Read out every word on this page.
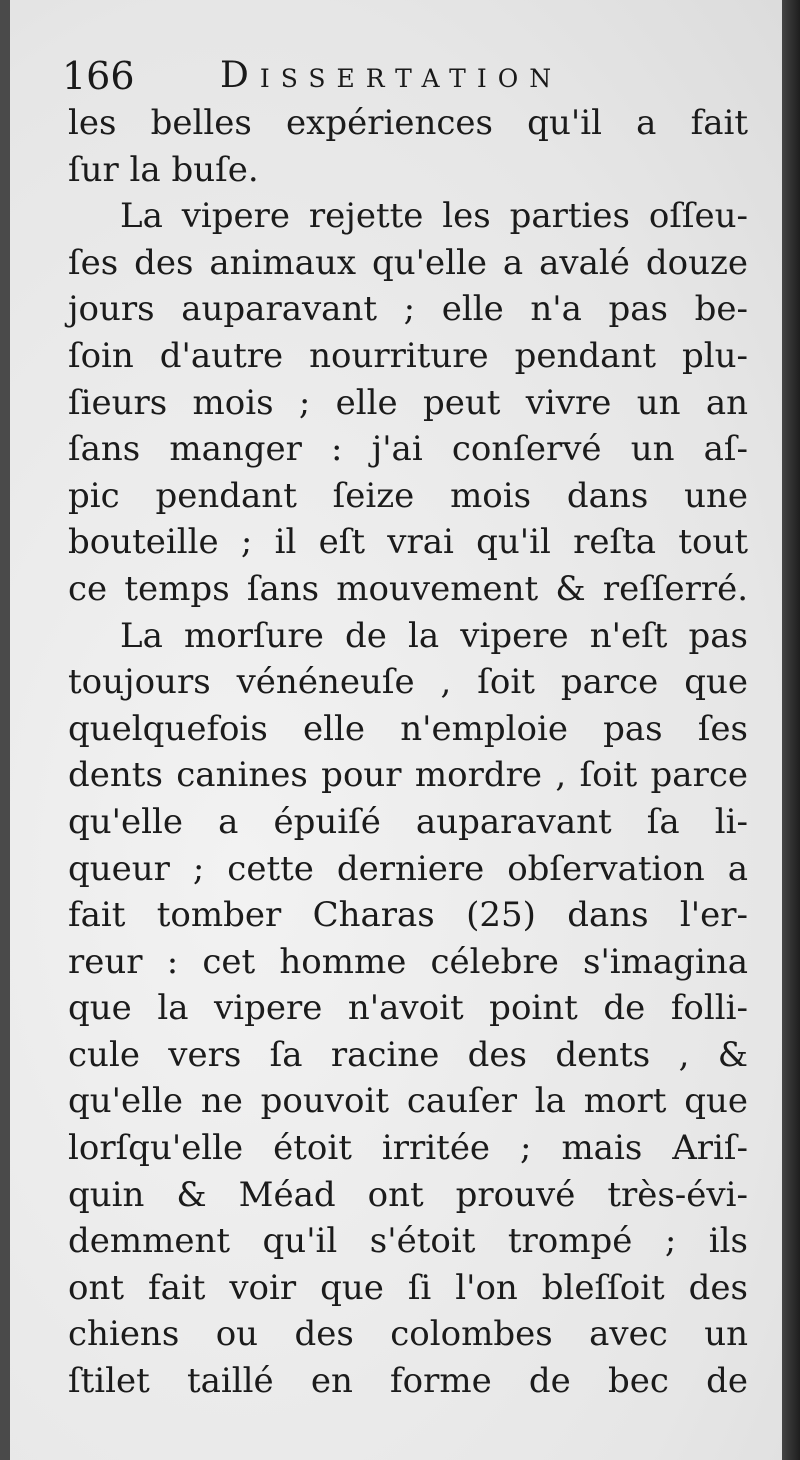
166 Dissertation
les belles expériences qu'il a fait
ſur la buſe.
La vipere rejette les parties oſſeu-
ſes des animaux qu'elle a avalé douze
jours auparavant ; elle n'a pas be-
ſoin d'autre nourriture pendant plu-
ſieurs mois ; elle peut vivre un an
ſans manger : j'ai conſervé un aſ-
pic pendant ſeize mois dans une
bouteille ; il eſt vrai qu'il reſta tout
ce temps ſans mouvement & reſſerré.
La morſure de la vipere n'eſt pas
toujours vénéneuſe , ſoit parce que
quelquefois elle n'emploie pas ſes
dents canines pour mordre , ſoit parce
qu'elle a épuiſé auparavant ſa li-
queur ; cette derniere obſervation a
fait tomber Charas (25) dans l'er-
reur : cet homme célebre s'imagina
que la vipere n'avoit point de folli-
cule vers ſa racine des dents , &
qu'elle ne pouvoit cauſer la mort que
lorſqu'elle étoit irritée ; mais Ariſ-
quin & Méad ont prouvé très-évi-
demment qu'il s'étoit trompé ; ils
ont fait voir que ſi l'on bleſſoit des
chiens ou des colombes avec un
ſtilet taillé en forme de bec de
